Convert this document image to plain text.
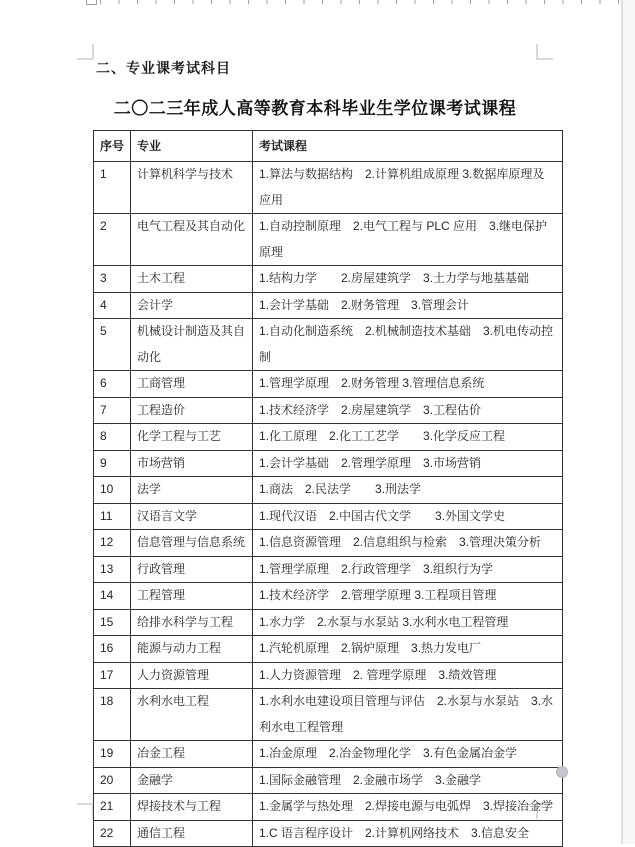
二、专业课考试科目
二〇二三年成人高等教育本科毕业生学位课考试课程
序号	专业	考试课程
1	计算机科学与技术	1.算法与数据结构　2.计算机组成原理 3.数据库原理及应用
2	电气工程及其自动化	1.自动控制原理　2.电气工程与 PLC 应用　3.继电保护原理
3	土木工程	1.结构力学　　2.房屋建筑学　3.土力学与地基基础
4	会计学	1.会计学基础　2.财务管理　3.管理会计
5	机械设计制造及其自动化	1.自动化制造系统　2.机械制造技术基础　3.机电传动控制
6	工商管理	1.管理学原理　2.财务管理 3.管理信息系统
7	工程造价	1.技术经济学　2.房屋建筑学　3.工程估价
8	化学工程与工艺	1.化工原理　2.化工工艺学　　3.化学反应工程
9	市场营销	1.会计学基础　2.管理学原理　3.市场营销
10	法学	1.商法　2.民法学　　3.刑法学
11	汉语言文学	1.现代汉语　2.中国古代文学　　3.外国文学史
12	信息管理与信息系统	1.信息资源管理　2.信息组织与检索　3.管理决策分析
13	行政管理	1.管理学原理　2.行政管理学　3.组织行为学
14	工程管理	1.技术经济学　2.管理学原理 3.工程项目管理
15	给排水科学与工程	1.水力学　2.水泵与水泵站 3.水利水电工程管理
16	能源与动力工程	1.汽轮机原理　2.锅炉原理　3.热力发电厂
17	人力资源管理	1.人力资源管理　2. 管理学原理　3.绩效管理
18	水利水电工程	1.水利水电建设项目管理与评估　2.水泵与水泵站　3.水利水电工程管理
19	冶金工程	1.冶金原理　2.冶金物理化学　3.有色金属冶金学
20	金融学	1.国际金融管理　2.金融市场学　3.金融学
21	焊接技术与工程	1.金属学与热处理　2.焊接电源与电弧焊　3.焊接冶金学
22	通信工程	1.C 语言程序设计　2.计算机网络技术　3.信息安全
